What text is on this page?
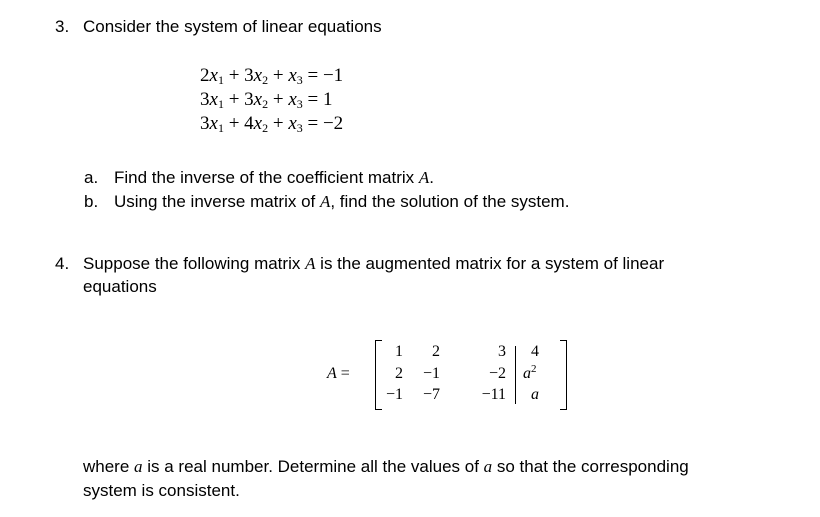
3. Consider the system of linear equations
$2x_1 + 3x_2 + x_3 = -1$
$3x_1 + 3x_2 + x_3 = 1$
$3x_1 + 4x_2 + x_3 = -2$
a. Find the inverse of the coefficient matrix A.
b. Using the inverse matrix of A, find the solution of the system.
4. Suppose the following matrix A is the augmented matrix for a system of linear
equations
A =
1	2	3 4
2	−1	−2 $a^2$
−1	−7	−11 a
where a is a real number. Determine all the values of a so that the corresponding
system is consistent.
